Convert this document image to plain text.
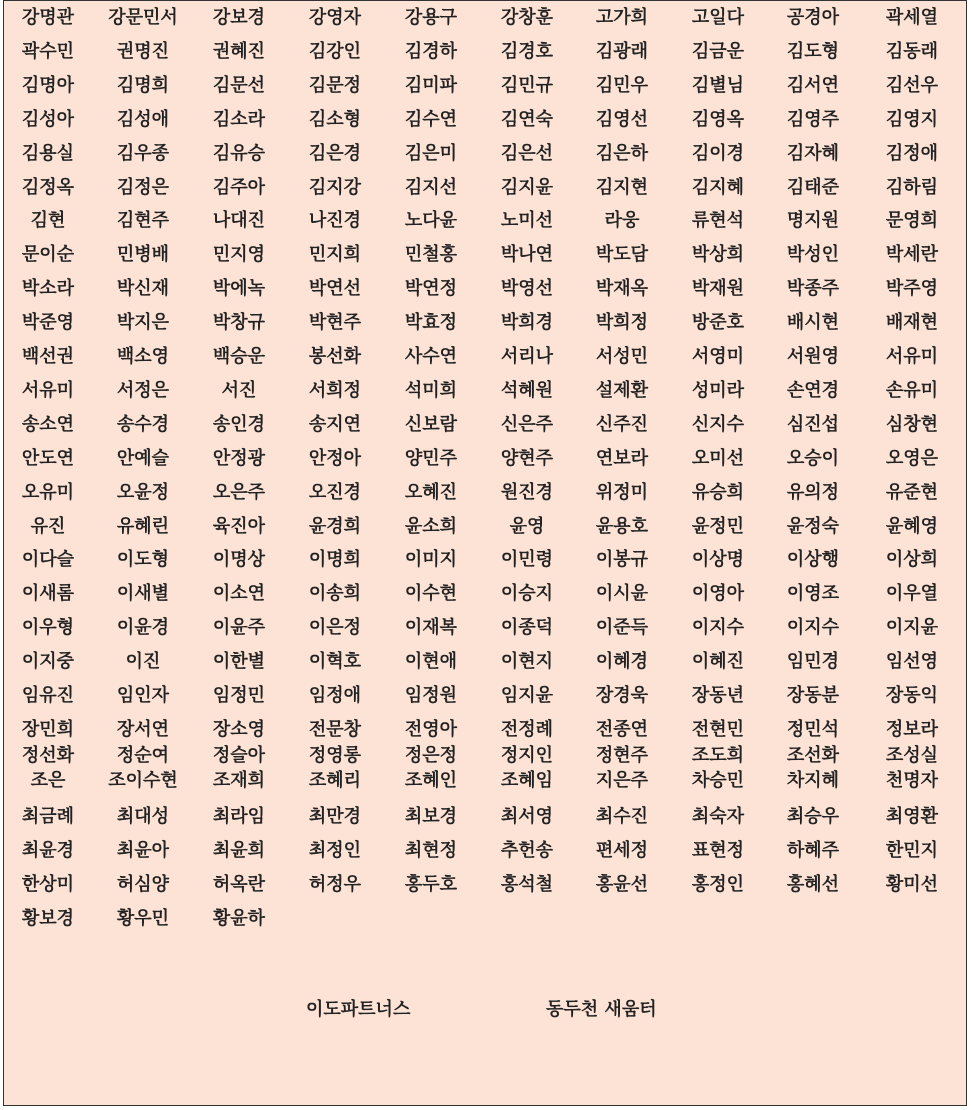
이도파트너스	동두천 새움터
강명관	강문민서	강보경	강영자	강용구	강창훈	고가희	고일다	공경아	곽세열
곽수민	권명진	권혜진	김강인	김경하	김경호	김광래	김금운	김도형	김동래
김명아	김명희	김문선	김문정	김미파	김민규	김민우	김별님	김서연	김선우
김성아	김성애	김소라	김소형	김수연	김연숙	김영선	김영옥	김영주	김영지
김용실	김우종	김유승	김은경	김은미	김은선	김은하	김이경	김자혜	김정애
김정옥	김정은	김주아	김지강	김지선	김지윤	김지현	김지혜	김태준	김하림
김현	김현주	나대진	나진경	노다윤	노미선	라웅	류현석	명지원	문영희
문이순	민병배	민지영	민지희	민철홍	박나연	박도담	박상희	박성인	박세란
박소라	박신재	박에녹	박연선	박연정	박영선	박재옥	박재원	박종주	박주영
박준영	박지은	박창규	박현주	박효정	박희경	박희정	방준호	배시현	배재현
백선권	백소영	백승운	봉선화	사수연	서리나	서성민	서영미	서원영	서유미
서유미	서정은	서진	서희정	석미희	석혜원	설제환	성미라	손연경	손유미
송소연	송수경	송인경	송지연	신보람	신은주	신주진	신지수	심진섭	심창현
안도연	안예슬	안정광	안정아	양민주	양현주	연보라	오미선	오승이	오영은
오유미	오윤정	오은주	오진경	오혜진	원진경	위정미	유승희	유의정	유준현
유진	유혜린	육진아	윤경희	윤소희	윤영	윤용호	윤정민	윤정숙	윤혜영
이다슬	이도형	이명상	이명희	이미지	이민령	이봉규	이상명	이상행	이상희
이새롬	이새별	이소연	이송희	이수현	이승지	이시윤	이영아	이영조	이우열
이우형	이윤경	이윤주	이은정	이재복	이종덕	이준득	이지수	이지수	이지윤
이지중	이진	이한별	이혁호	이현애	이현지	이혜경	이혜진	임민경	임선영
임유진	임인자	임정민	임정애	임정원	임지윤	장경욱	장동년	장동분	장동익
장민희	장서연	장소영	전문창	전영아	전정례	전종연	전현민	정민석	정보라
정선화	정순여	정슬아	정영롱	정은정	정지인	정현주	조도희	조선화	조성실
조은	조이수현	조재희	조혜리	조혜인	조혜임	지은주	차승민	차지혜	천명자
최금례	최대성	최라임	최만경	최보경	최서영	최수진	최숙자	최승우	최영환
최윤경	최윤아	최윤희	최정인	최현정	추헌송	편세정	표현정	하혜주	한민지
한상미	허심양	허옥란	허정우	홍두호	홍석철	홍윤선	홍정인	홍혜선	황미선
황보경	황우민	황윤하
